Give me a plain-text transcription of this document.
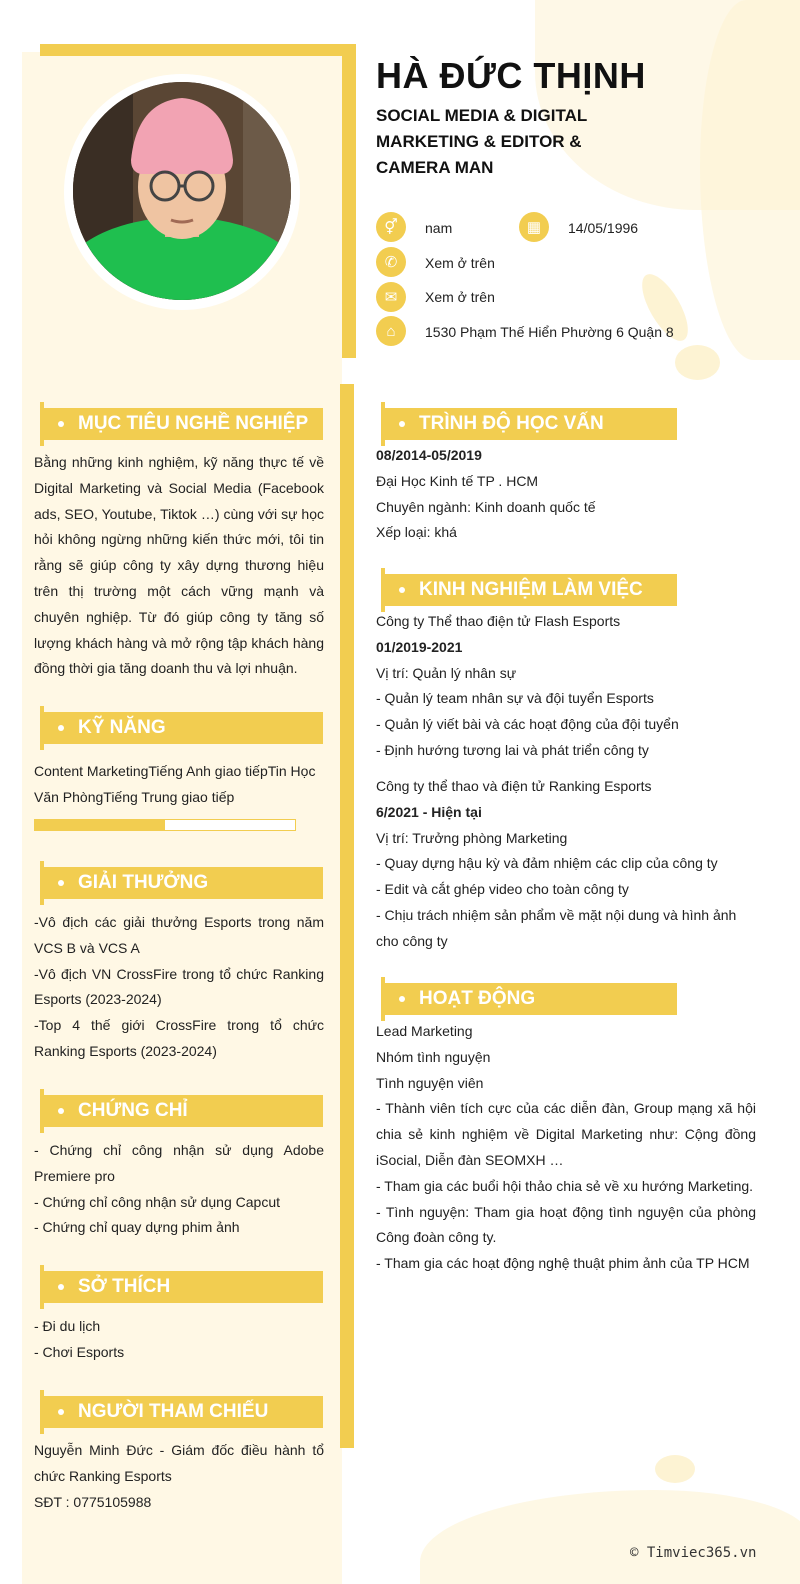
HÀ ĐỨC THỊNH
SOCIAL MEDIA & DIGITAL MARKETING & EDITOR & CAMERA MAN
⚥	nam	▦	14/05/1996
✆	Xem ở trên
✉	Xem ở trên
⌂	1530 Phạm Thế Hiển Phường 6 Quận 8
MỤC TIÊU NGHỀ NGHIỆP
Bằng những kinh nghiệm, kỹ năng thực tế về Digital Marketing và Social Media (Facebook ads, SEO, Youtube, Tiktok …) cùng với sự học hỏi không ngừng những kiến thức mới, tôi tin rằng sẽ giúp công ty xây dựng thương hiệu trên thị trường một cách vững mạnh và chuyên nghiệp. Từ đó giúp công ty tăng số lượng khách hàng và mở rộng tập khách hàng đồng thời gia tăng doanh thu và lợi nhuận.
KỸ NĂNG
Content MarketingTiếng Anh giao tiếpTin Học Văn PhòngTiếng Trung giao tiếp
GIẢI THƯỞNG
-Vô địch các giải thưởng Esports trong năm VCS B và VCS A
-Vô địch VN CrossFire trong tổ chức Ranking Esports (2023-2024)
-Top 4 thế giới CrossFire trong tổ chức Ranking Esports (2023-2024)
CHỨNG CHỈ
- Chứng chỉ công nhận sử dụng Adobe Premiere pro
- Chứng chỉ công nhận sử dụng Capcut
- Chứng chỉ quay dựng phim ảnh
SỞ THÍCH
- Đi du lịch
- Chơi Esports
NGƯỜI THAM CHIẾU
Nguyễn Minh Đức - Giám đốc điều hành tổ chức Ranking Esports
SĐT : 0775105988
TRÌNH ĐỘ HỌC VẤN
08/2014-05/2019
Đại Học Kinh tế TP . HCM
Chuyên ngành: Kinh doanh quốc tế
Xếp loại: khá
KINH NGHIỆM LÀM VIỆC
Công ty Thể thao điện tử Flash Esports
01/2019-2021
Vị trí: Quản lý nhân sự
- Quản lý team nhân sự và đội tuyển Esports
- Quản lý viết bài và các hoạt động của đội tuyển
- Định hướng tương lai và phát triển công ty
Công ty thể thao và điện tử Ranking Esports
6/2021 - Hiện tại
Vị trí: Trưởng phòng Marketing
- Quay dựng hậu kỳ và đảm nhiệm các clip của công ty
- Edit và cắt ghép video cho toàn công ty
- Chịu trách nhiệm sản phẩm về mặt nội dung và hình ảnh cho công ty
HOẠT ĐỘNG
Lead Marketing
Nhóm tình nguyện
Tình nguyện viên
- Thành viên tích cực của các diễn đàn, Group mạng xã hội chia sẻ kinh nghiệm về Digital Marketing như: Cộng đồng iSocial, Diễn đàn SEOMXH …
- Tham gia các buổi hội thảo chia sẻ về xu hướng Marketing.
- Tình nguyện: Tham gia hoạt động tình nguyện của phòng Công đoàn công ty.
- Tham gia các hoạt động nghệ thuật phim ảnh của TP HCM
© Timviec365.vn
